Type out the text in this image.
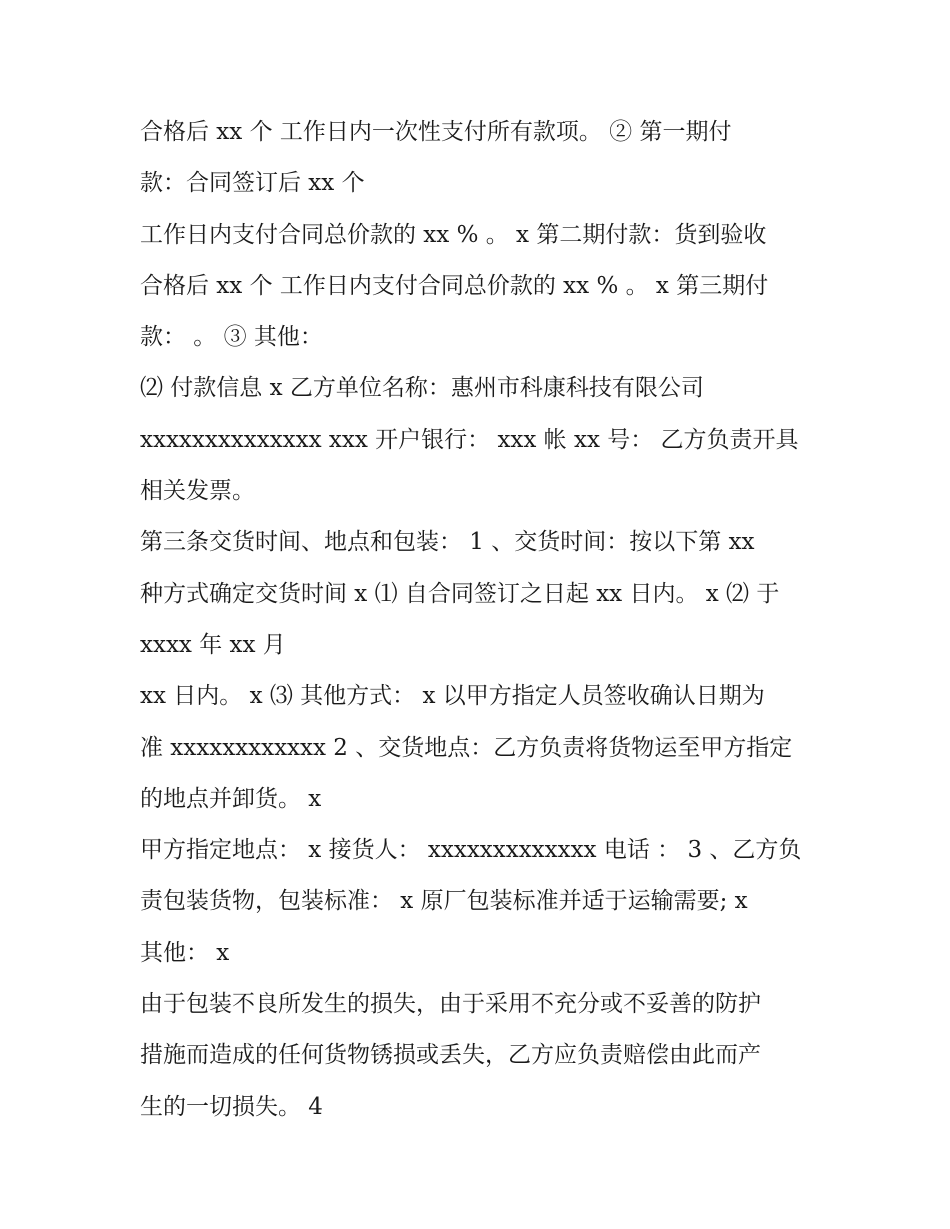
合格后 xx 个 工作日内一次性支付所有款项。 ② 第一期付
款：合同签订后 xx 个
工作日内支付合同总价款的 xx % 。 x 第二期付款：货到验收
合格后 xx 个 工作日内支付合同总价款的 xx % 。 x 第三期付
款： 。 ③ 其他：
⑵ 付款信息 x 乙方单位名称：惠州市科康科技有限公司
xxxxxxxxxxxxxx xxx 开户银行： xxx 帐 xx 号： 乙方负责开具
相关发票。
第三条交货时间、地点和包装： 1 、交货时间：按以下第 xx
种方式确定交货时间 x ⑴ 自合同签订之日起 xx 日内。 x ⑵ 于
xxxx 年 xx 月
xx 日内。 x ⑶ 其他方式： x 以甲方指定人员签收确认日期为
准 xxxxxxxxxxxx 2 、交货地点：乙方负责将货物运至甲方指定
的地点并卸货。 x
甲方指定地点： x 接货人： xxxxxxxxxxxxx 电话 ： 3 、乙方负
责包装货物，包装标准： x 原厂包装标准并适于运输需要; x
其他： x
由于包装不良所发生的损失，由于采用不充分或不妥善的防护
措施而造成的任何货物锈损或丢失，乙方应负责赔偿由此而产
生的一切损失。 4
